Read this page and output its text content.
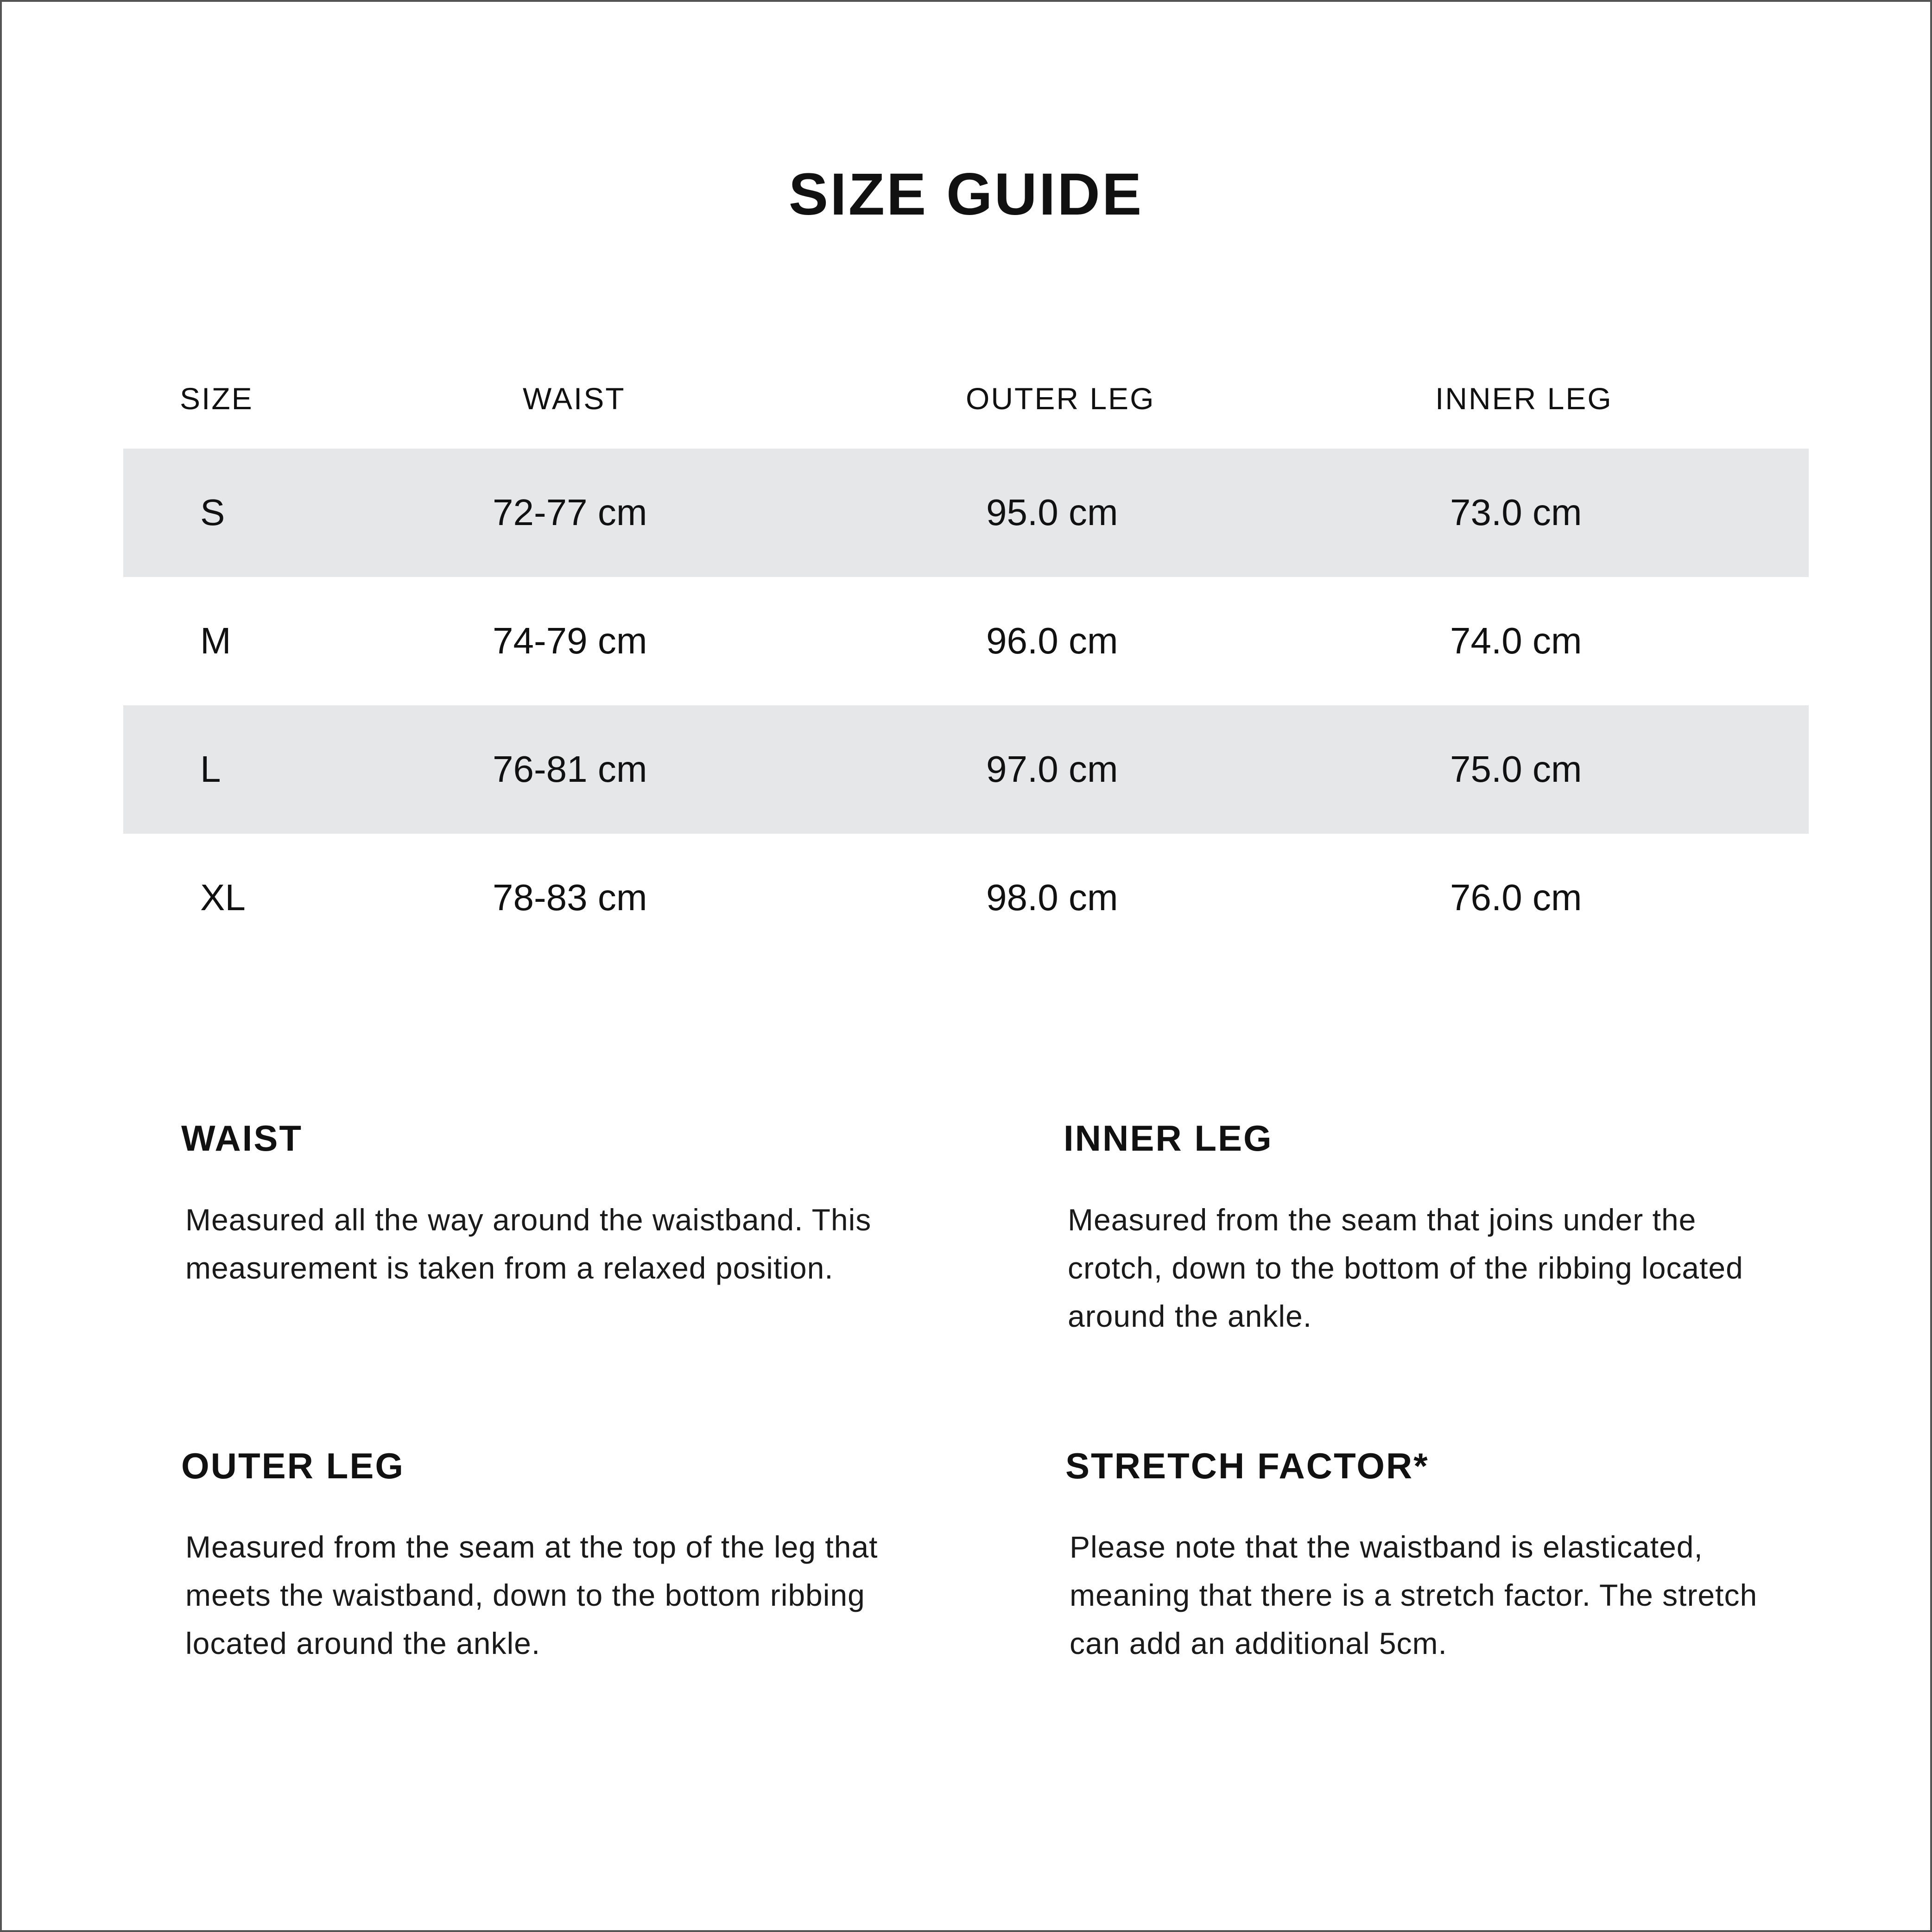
SIZE GUIDE
SIZE	WAIST	OUTER LEG	INNER LEG
S	72-77 cm	95.0 cm	73.0 cm
M	74-79 cm	96.0 cm	74.0 cm
L	76-81 cm	97.0 cm	75.0 cm
XL	78-83 cm	98.0 cm	76.0 cm
WAIST
Measured all the way around the waistband. This measurement is taken from a relaxed position.
INNER LEG
Measured from the seam that joins under the crotch, down to the bottom of the ribbing located around the ankle.
OUTER LEG
Measured from the seam at the top of the leg that meets the waistband, down to the bottom ribbing located around the ankle.
STRETCH FACTOR*
Please note that the waistband is elasticated, meaning that there is a stretch factor. The stretch can add an additional 5cm.
